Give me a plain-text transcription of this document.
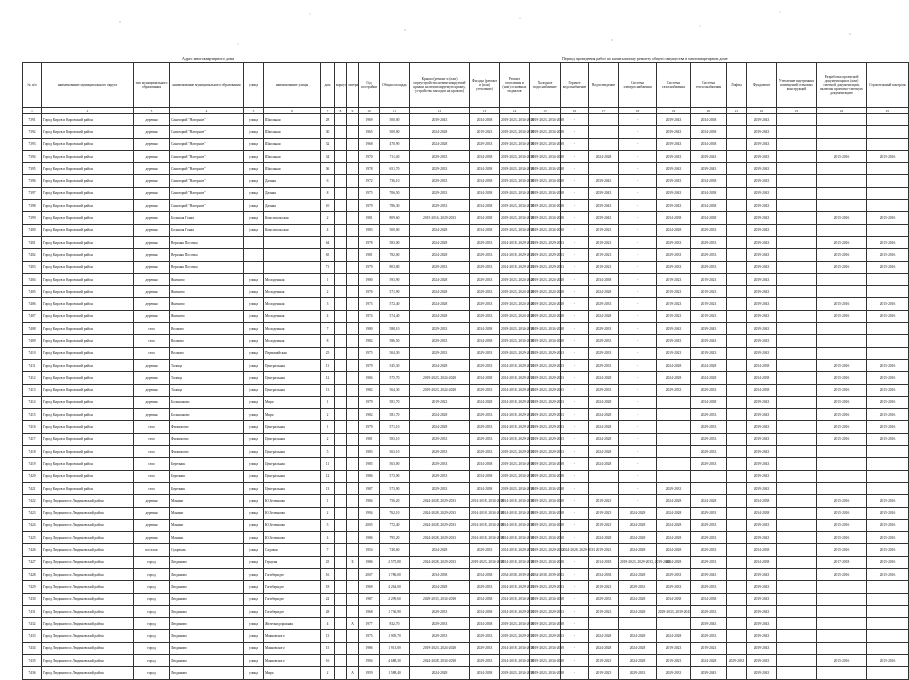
Адрес многоквартирного дома	Период проведения работ по капитальному ремонту общего имущества в многоквартирном доме
№ п/п	наименование муниципального округа	тип муниципального образования	наименование муниципального образования	улица	наименование улицы	дом	корпус	литера	Год постройки	Общая площадь	Крыша (ремонт и (или) переустройство невентилируемой крыши на вентилируемую крышу, устройство выходов на кровлю)	Фасады (ремонт и (или) утепление)	Ремонт отопления и (или) основных подвалов	Холодное водоснабжение	Горячее водоснабжение	Водоотведение	Система электроснабжения	Система газоснабжения	Система теплоснабжения	Лифты	Фундамент	Утепление внутренних помещений стеновых конструкций	Разработка проектной документации и (или) сметной документации, включая проектно-сметную документацию	Строительный контроль
1	2	3	4	5	6	7	8	9	10	11	12	13	14	15	16	17	18	19	20	21	22	23	24	25
7391	Город Киров и Кировский район	деревня	Санаторий "Нагорное"	улица	Школьная	28			1969	500,00	2039-2043	2034-2038	2019-2023, 2034-2038	2019-2023, 2034-2038	-		-	2039-2043	2034-2038		2039-2043			
7392	Город Киров и Кировский район	деревня	Санаторий "Нагорное"	улица	Школьная	30			1965	500,00	2024-2028	2019-2023	2019-2023, 2034-2038	2019-2023, 2034-2038	-		-	2039-2043	2034-2038		2039-2043			
7393	Город Киров и Кировский район	деревня	Санаторий "Нагорное"	улица	Школьная	32			1968	470,90	2024-2028	2029-2033	2019-2023, 2034-2038	2019-2023, 2034-2038	-		-	2039-2043	2034-2038		2039-2043			
7394	Город Киров и Кировский район	деревня	Санаторий "Нагорное"	улица	Школьная	34			1970	711,40	2029-2033	2034-2038	2019-2023, 2034-2038	2019-2023, 2034-2038	-	2024-2028	-	2039-2043	2039-2043		2039-2043		2015-2016	2015-2016
7395	Город Киров и Кировский район	деревня	Санаторий "Нагорное"	улица	Школьная	36			1978	651,70	2029-2033	2034-2038	2019-2023, 2034-2038	2019-2023, 2034-2038	-		-	2039-2043	2039-2043		2039-2043			
7396	Город Киров и Кировский район	деревня	Санаторий "Нагорное"	улица	Дачная	6			1972	736,10	2029-2033	2034-2038	2019-2023, 2034-2038	2019-2023, 2034-2038	-	2039-2043	-	2039-2043	2034-2038		2039-2043			
7397	Город Киров и Кировский район	деревня	Санаторий "Нагорное"	улица	Дачная	8			1975	706,50	2029-2033	2034-2038	2019-2023, 2034-2038	2019-2023, 2034-2038	-	2039-2043	-	2039-2043	2034-2038		2039-2043			
7398	Город Киров и Кировский район	деревня	Санаторий "Нагорное"	улица	Дачная	10			1979	786,30	2029-2033	2034-2038	2019-2023, 2034-2038	2019-2023, 2034-2038	-	2039-2043	-	2039-2043	2034-2038		2039-2043			
7399	Город Киров и Кировский район	деревня	Большая Гонка	улица	Комсомольская	2			1981	809,60	2015-2016, 2029-2033	2034-2038	2019-2023, 2034-2038	2019-2023, 2034-2038	-	2039-2043	-	2034-2038	2034-2038		2039-2043		2015-2016	2015-2016
7400	Город Киров и Кировский район	деревня	Большая Гонка	улица	Комсомольская	4			1983	500,00	2024-2028	2034-2038	2019-2023, 2034-2038	2019-2023, 2034-2038	-	2019-2023	-	2024-2028	2029-2033		2039-2043			
7401	Город Киров и Кировский район	деревня	Верхняя Посочка			64			1978	583,00	2024-2028	2029-2033	2014-2018, 2029-2033	2019-2023, 2029-2033	-	2019-2023	-	2029-2033	2029-2033		2039-2043		2015-2016	2015-2016
7402	Город Киров и Кировский район	деревня	Верхняя Посочка			65			1981	782,00	2024-2028	2029-2033	2014-2018, 2029-2033	2019-2023, 2029-2033	-	2019-2023	-	2029-2033	2029-2033		2039-2043		2015-2016	2015-2016
7403	Город Киров и Кировский район	деревня	Верхняя Посочка			71			1979	803,80	2029-2033	2029-2033	2014-2018, 2029-2033	2019-2023, 2029-2033	-	2019-2023	-	2029-2033	2029-2033		2039-2043		2015-2016	2015-2016
7404	Город Киров и Кировский район	деревня	Якимово	улица	Молодежная	1			1980	593,90	2024-2028	2029-2033	2019-2023, 2024-2028	2019-2023, 2024-2028	-	2034-2038	-	2019-2023	2019-2023		2039-2043			
7405	Город Киров и Кировский район	деревня	Якимово	улица	Молодежная	2			1976	571,90	2024-2028	2029-2033	2019-2023, 2024-2028	2019-2023, 2024-2028	-	2024-2028	-	2019-2023	2019-2023		2039-2043			
7406	Город Киров и Кировский район	деревня	Якимово	улица	Молодежная	3			1973	572,40	2024-2028	2029-2033	2019-2023, 2024-2028	2019-2023, 2024-2028	-	2029-2033	-	2019-2023	2019-2023		2039-2043		2015-2016	2015-2016
7407	Город Киров и Кировский район	деревня	Якимово	улица	Молодежная	4			1974	574,40	2024-2028	2029-2033	2019-2023, 2024-2028	2019-2023, 2024-2028	-	2024-2028	-	2019-2023	2019-2023		2039-2043		2015-2016	2015-2016
7408	Город Киров и Кировский район	село	Волково	улица	Молодежная	7			1980	588,10	2029-2033	2034-2038	2019-2023, 2034-2038	2019-2023, 2034-2038	-	2029-2033	-	2039-2043	2039-2043		2039-2043			
7409	Город Киров и Кировский район	село	Волково	улица	Молодежная	8			1982	586,50	2029-2033	2034-2038	2019-2023, 2034-2038	2019-2023, 2034-2038	-	2029-2033	-	2039-2043	2039-2043		2039-2043			
7410	Город Киров и Кировский район	село	Волково	улица	Первомайская	25			1975	504,30	2029-2033	2029-2033	2019-2023, 2029-2033	2019-2023, 2029-2033	-	2029-2033	-	2019-2023	2019-2023		2039-2043			
7411	Город Киров и Кировский район	деревня	Талица	улица	Центральная	11			1979	545,30	2024-2028	2029-2033	2014-2018, 2029-2033	2019-2023, 2029-2033	-	2029-2033	-	2024-2028	2024-2028		2034-2038		2015-2016	2015-2016
7412	Город Киров и Кировский район	деревня	Талица	улица	Центральная	12			1984	575,70	2019-2023, 2024-2028	2034-2038	2014-2018, 2029-2033	2019-2023, 2029-2033	-	2024-2028	-	2024-2028	2024-2028		2034-2038		2015-2016	2015-2016
7413	Город Киров и Кировский район	деревня	Талица	улица	Центральная	13			1982	564,30	2019-2023, 2024-2028	2029-2033	2014-2018, 2029-2033	2019-2023, 2029-2033	-	2029-2033	-	2029-2033	2029-2033		2034-2038		2015-2016	2015-2016
7414	Город Киров и Кировский район	деревня	Большаково	улица	Мира	1			1979	581,70	2019-2023	2024-2028	2014-2018, 2029-2033	2019-2023, 2029-2033	-	2024-2028	-		2034-2038		2039-2043		2015-2016	2015-2016
7415	Город Киров и Кировский район	деревня	Большаково	улица	Мира	2			1982	581,70	2024-2028	2029-2033	2014-2018, 2029-2033	2019-2023, 2029-2033	-	2024-2028	-		2029-2033		2039-2043		2015-2016	2015-2016
7416	Город Киров и Кировский район	село	Филиппово	улица	Центральная	1			1979	571,10	2024-2028	2029-2033	2014-2018, 2029-2033	2019-2023, 2029-2033	-	2024-2028	-		2029-2033		2039-2043		2015-2016	2015-2016
7417	Город Киров и Кировский район	село	Филиппово	улица	Центральная	2			1981	583,10	2029-2033	2029-2033	2014-2018, 2029-2033	2019-2023, 2029-2033	-	2024-2028	-		2029-2033		2039-2043		2015-2016	2015-2016
7418	Город Киров и Кировский район	село	Филиппово	улица	Центральная	5			1983	563,10	2029-2033	2029-2033	2019-2023, 2029-2033	2019-2023, 2029-2033	-	2024-2028	-		2029-2033		2039-2043			
7419	Город Киров и Кировский район	село	Березник	улица	Центральная	11			1985	563,00	2029-2033	2034-2038	2019-2023, 2034-2038	2019-2023, 2034-2038	-	2024-2028	-		2029-2033		2039-2043			
7420	Город Киров и Кировский район	село	Березник	улица	Центральная	12			1986	573,00	2029-2033	2034-2038	2019-2023, 2034-2038	2019-2023, 2034-2038	-		-				2039-2043			
7421	Город Киров и Кировский район	село	Березник	улица	Центральная	13			1987	573,90	2029-2033	2034-2038	2019-2023, 2034-2038	2019-2023, 2034-2038	-		-	2029-2033			2039-2043			
7422	Город Людиново и Людиновский район	деревня	Манино	улица	Ю.Зеленкова	1			1984	756,20	2024-2028, 2029-2033	2014-2018, 2034-2038	2014-2018, 2034-2038	2019-2023, 2034-2038	-	2019-2023	-	2024-2028	2024-2028		2034-2038		2015-2016	2015-2016
7423	Город Людиново и Людиновский район	деревня	Манино	улица	Ю.Зеленкова	2			1994	762,10	2024-2028, 2029-2033	2014-2018, 2034-2038	2014-2018, 2034-2038	2019-2023, 2034-2038	-	2019-2023	2024-2028	2024-2028	2029-2033		2034-2038		2015-2016	2015-2016
7424	Город Людиново и Людиновский район	деревня	Манино	улица	Ю.Зеленкова	3			2005	772,40	2024-2028, 2029-2033	2014-2018, 2034-2038	2014-2018, 2034-2038	2019-2023, 2034-2038	-	2019-2023	2024-2028	2024-2028	2029-2033		2039-2043		2015-2016	2015-2016
7425	Город Людиново и Людиновский район	деревня	Манино	улица	Ю.Зеленкова	4			1986	795,20	2024-2028, 2029-2033	2014-2018, 2034-2038	2014-2018, 2034-2038	2019-2023, 2034-2038	-	2024-2028	2024-2028	2024-2028	2029-2033		2039-2043		2015-2016	2015-2016
7426	Город Людиново и Людиновский район	поселок	Сукремль	улица	Садовая	7			1954	740,60	2024-2028	2029-2033	2014-2018, 2029-2033	2019-2023, 2029-2033	2024-2028, 2029-2033	2019-2023	2024-2028	2024-2028	2029-2033		2034-2038		2015-2016	2015-2016
7427	Город Людиново и Людиновский район	город	Людиново	улица	Герцена	25		Б	1986	2 575,80	2024-2028, 2029-2033	2019-2023, 2034-2038	2014-2018, 2034-2038	2019-2023, 2034-2038	-	2014-2018	2019-2023, 2029-2033, 2039-2043	2024-2028	2029-2033		2034-2038		2017-2018	2015-2016
7428	Город Людиново и Людиновский район	город	Людиново	улица	Гогиберидзе	16			2007	1 786,00	2034-2038	2034-2038	2034-2038, 2039-2043	2034-2038, 2039-2043	-	2034-2038	2024-2028	2029-2033	2039-2043		2039-2043		2015-2016	2015-2016
7429	Город Людиново и Людиновский район	город	Людиново	улица	Гогиберидзе	18			1969	4 264,00	2024-2028	2029-2033	2014-2018, 2029-2033	2019-2023, 2029-2033	-	2019-2023	2029-2033	2029-2033	2029-2033		2039-2043			
7430	Город Людиново и Людиновский район	город	Людиново	улица	Гогиберидзе	22			1987	2 299,60	2029-2033, 2034-2038	2034-2038	2014-2018, 2034-2038	2019-2023, 2034-2038	-	2029-2033	2024-2028	2034-2038	2034-2038		2039-2043			
7431	Город Людиново и Людиновский район	город	Людиново	улица	Гогиберидзе	28			1968	1 736,90	2029-2033	2034-2038	2014-2018, 2029-2033	2019-2023, 2029-2033	-	2019-2023	2024-2028	2029-2033, 2039-2043	2029-2033		2039-2043			
7432	Город Людиново и Людиновский район	город	Людиново	улица	Железнодорожная	4		А	1977	832,70	2029-2033	2034-2038	2019-2023, 2034-2038	2019-2023, 2034-2038	-				2039-2043		2039-2043			
7433	Город Людиново и Людиновский район	город	Людиново	улица	Маяковского	13			1975	1 905,70	2029-2033	2029-2033	2019-2023, 2029-2033	2019-2023, 2029-2033	-	2024-2028	2024-2028	2024-2028	2029-2033		2039-2043			
7434	Город Людиново и Людиновский район	город	Людиново	улица	Маяковского	15			1986	1 913,00	2019-2023, 2024-2028	2029-2033	2014-2018, 2034-2038	2019-2023, 2034-2038	-	2024-2028	2024-2028	2019-2023	2019-2023		2039-2043			
7435	Город Людиново и Людиновский район	город	Людиново	улица	Маяковского	16			1994	4 688,30	2024-2028, 2034-2038	2029-2033	2014-2018, 2034-2038	2019-2023, 2034-2038	-	2019-2023	2024-2028	2019-2023	2024-2028	2029-2033	2039-2043		2015-2016	2015-2016
7436	Город Людиново и Людиновский район	город	Людиново	улица	Мира	2		А	1959	1 588,40	2024-2028	2034-2038	2019-2023, 2034-2038	2019-2023, 2034-2038	-	2019-2023	2029-2033	2029-2033	2039-2043		2039-2043			
